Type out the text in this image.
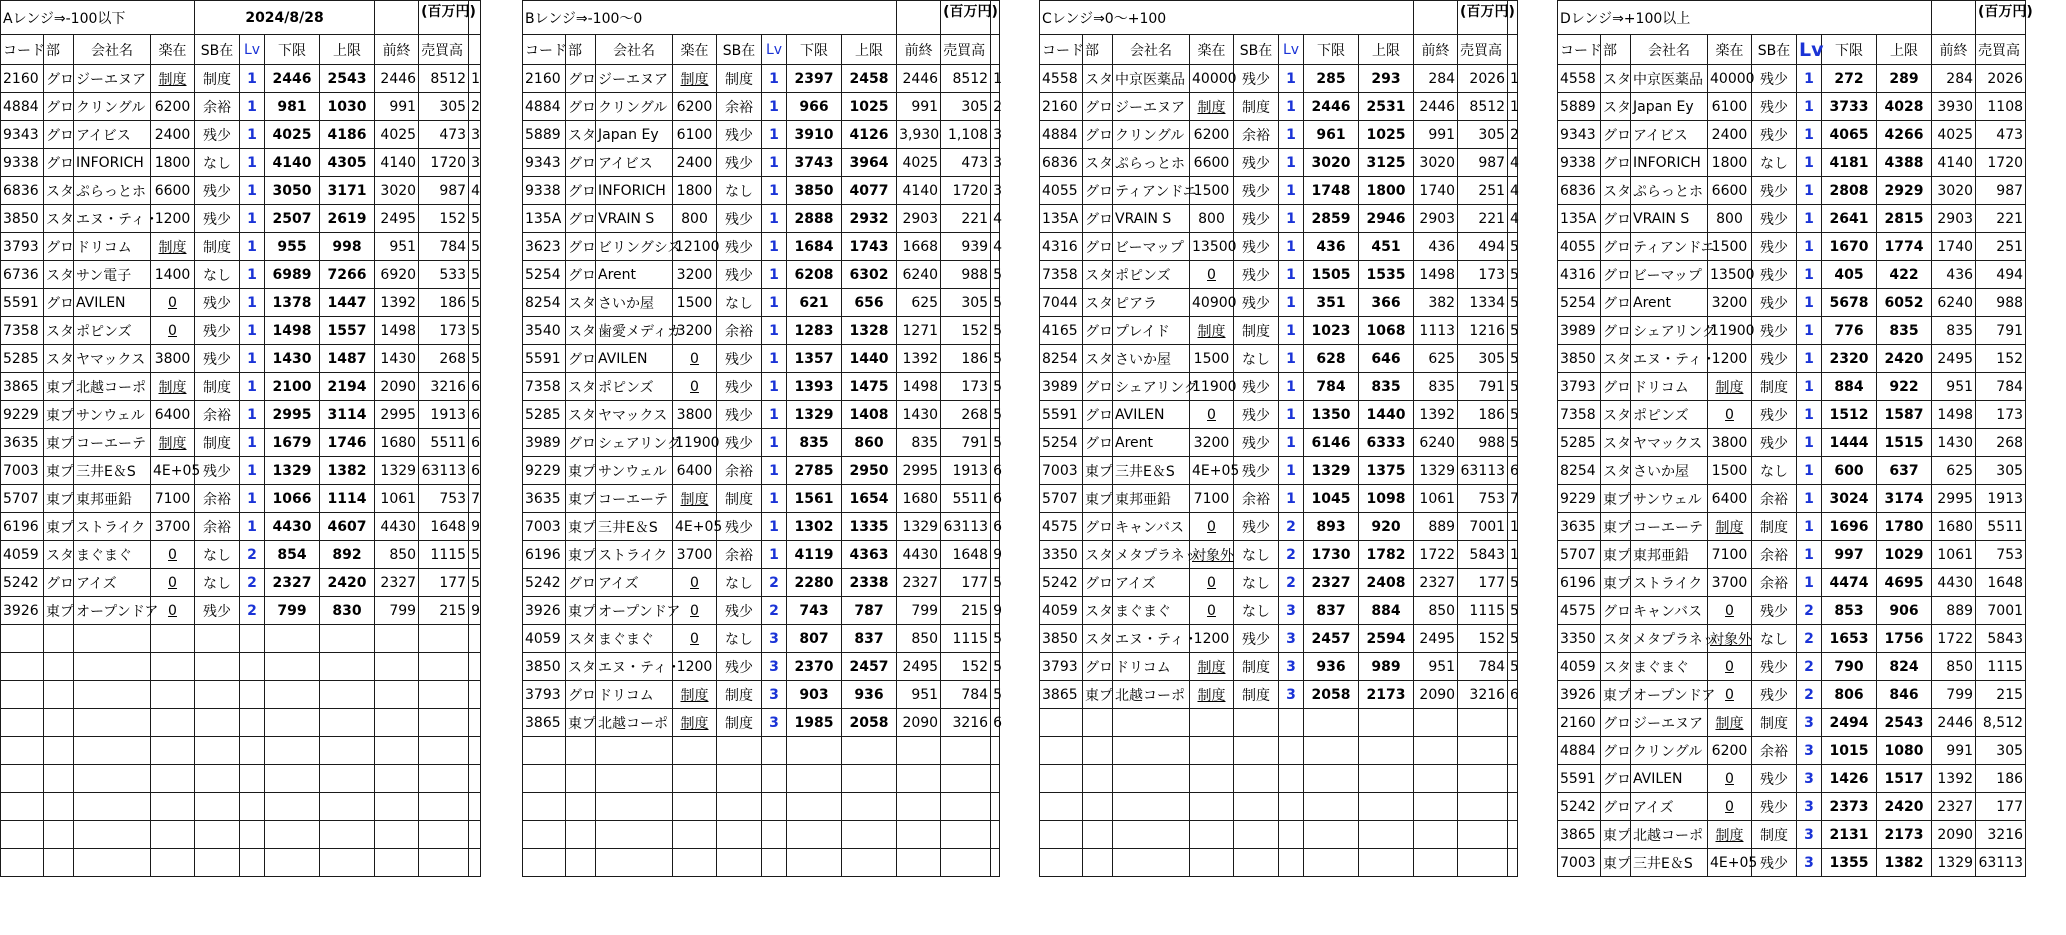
Aレンジ⇒-100以下				2024/8/28					(百万円)	
コード	部	会社名	楽在	SB在	Lv	下限	上限	前終	売買高	
2160	グロ	ジーエヌア	制度	制度	1	2446	2543	2446	8512	1
4884	グロ	クリングル	6200	余裕	1	981	1030	991	305	2
9343	グロ	アイビス	2400	残少	1	4025	4186	4025	473	3
9338	グロ	INFORICH	1800	なし	1	4140	4305	4140	1720	3
6836	スタ	ぷらっとホ	6600	残少	1	3050	3171	3020	987	4
3850	スタ	エヌ・ティ・	1200	残少	1	2507	2619	2495	152	5
3793	グロ	ドリコム	制度	制度	1	955	998	951	784	5
6736	スタ	サン電子	1400	なし	1	6989	7266	6920	533	5
5591	グロ	AVILEN	0	残少	1	1378	1447	1392	186	5
7358	スタ	ポピンズ	0	残少	1	1498	1557	1498	173	5
5285	スタ	ヤマックス	3800	残少	1	1430	1487	1430	268	5
3865	東プ	北越コーポ	制度	制度	1	2100	2194	2090	3216	6
9229	東プ	サンウェル	6400	余裕	1	2995	3114	2995	1913	6
3635	東プ	コーエーテ	制度	制度	1	1679	1746	1680	5511	6
7003	東プ	三井E＆S	4E+05	残少	1	1329	1382	1329	63113	6
5707	東プ	東邦亜鉛	7100	余裕	1	1066	1114	1061	753	7
6196	東プ	ストライク	3700	余裕	1	4430	4607	4430	1648	9
4059	スタ	まぐまぐ	0	なし	2	854	892	850	1115	5
5242	グロ	アイズ	0	なし	2	2327	2420	2327	177	5
3926	東プ	オープンドア	0	残少	2	799	830	799	215	9

Bレンジ⇒-100～0									(百万円)	
コード	部	会社名	楽在	SB在	Lv	下限	上限	前終	売買高	
2160	グロ	ジーエヌア	制度	制度	1	2397	2458	2446	8512	1
4884	グロ	クリングル	6200	余裕	1	966	1025	991	305	2
5889	スタ	Japan Ey	6100	残少	1	3910	4126	3,930	1,108	3
9343	グロ	アイビス	2400	残少	1	3743	3964	4025	473	3
9338	グロ	INFORICH	1800	なし	1	3850	4077	4140	1720	3
135A	グロ	VRAIN S	800	残少	1	2888	2932	2903	221	4
3623	グロ	ビリングシス	12100	残少	1	1684	1743	1668	939	4
5254	グロ	Arent	3200	残少	1	6208	6302	6240	988	5
8254	スタ	さいか屋	1500	なし	1	621	656	625	305	5
3540	スタ	歯愛メディカ	3200	余裕	1	1283	1328	1271	152	5
5591	グロ	AVILEN	0	残少	1	1357	1440	1392	186	5
7358	スタ	ポピンズ	0	残少	1	1393	1475	1498	173	5
5285	スタ	ヤマックス	3800	残少	1	1329	1408	1430	268	5
3989	グロ	シェアリング	11900	残少	1	835	860	835	791	5
9229	東プ	サンウェル	6400	余裕	1	2785	2950	2995	1913	6
3635	東プ	コーエーテ	制度	制度	1	1561	1654	1680	5511	6
7003	東プ	三井E＆S	4E+05	残少	1	1302	1335	1329	63113	6
6196	東プ	ストライク	3700	余裕	1	4119	4363	4430	1648	9
5242	グロ	アイズ	0	なし	2	2280	2338	2327	177	5
3926	東プ	オープンドア	0	残少	2	743	787	799	215	9
4059	スタ	まぐまぐ	0	なし	3	807	837	850	1115	5
3850	スタ	エヌ・ティ・	1200	残少	3	2370	2457	2495	152	5
3793	グロ	ドリコム	制度	制度	3	903	936	951	784	5
3865	東プ	北越コーポ	制度	制度	3	1985	2058	2090	3216	6

Cレンジ⇒0～+100									(百万円)	
コード	部	会社名	楽在	SB在	Lv	下限	上限	前終	売買高	
4558	スタ	中京医薬品	40000	残少	1	285	293	284	2026	1
2160	グロ	ジーエヌア	制度	制度	1	2446	2531	2446	8512	1
4884	グロ	クリングル	6200	余裕	1	961	1025	991	305	2
6836	スタ	ぷらっとホ	6600	残少	1	3020	3125	3020	987	4
4055	グロ	ティアンドエ	1500	残少	1	1748	1800	1740	251	4
135A	グロ	VRAIN S	800	残少	1	2859	2946	2903	221	4
4316	グロ	ビーマップ	13500	残少	1	436	451	436	494	5
7358	スタ	ポピンズ	0	残少	1	1505	1535	1498	173	5
7044	スタ	ピアラ	40900	残少	1	351	366	382	1334	5
4165	グロ	プレイド	制度	制度	1	1023	1068	1113	1216	5
8254	スタ	さいか屋	1500	なし	1	628	646	625	305	5
3989	グロ	シェアリング	11900	残少	1	784	835	835	791	5
5591	グロ	AVILEN	0	残少	1	1350	1440	1392	186	5
5254	グロ	Arent	3200	残少	1	6146	6333	6240	988	5
7003	東プ	三井E＆S	4E+05	残少	1	1329	1375	1329	63113	6
5707	東プ	東邦亜鉛	7100	余裕	1	1045	1098	1061	753	7
4575	グロ	キャンバス	0	残少	2	893	920	889	7001	1
3350	スタ	メタプラネッ	対象外	なし	2	1730	1782	1722	5843	1
5242	グロ	アイズ	0	なし	2	2327	2408	2327	177	5
4059	スタ	まぐまぐ	0	なし	3	837	884	850	1115	5
3850	スタ	エヌ・ティ・	1200	残少	3	2457	2594	2495	152	5
3793	グロ	ドリコム	制度	制度	3	936	989	951	784	5
3865	東プ	北越コーポ	制度	制度	3	2058	2173	2090	3216	6

Dレンジ⇒+100以上									(百万円)
コード	部	会社名	楽在	SB在	Lv	下限	上限	前終	売買高
4558	スタ	中京医薬品	40000	残少	1	272	289	284	2026
5889	スタ	Japan Ey	6100	残少	1	3733	4028	3930	1108
9343	グロ	アイビス	2400	残少	1	4065	4266	4025	473
9338	グロ	INFORICH	1800	なし	1	4181	4388	4140	1720
6836	スタ	ぷらっとホ	6600	残少	1	2808	2929	3020	987
135A	グロ	VRAIN S	800	残少	1	2641	2815	2903	221
4055	グロ	ティアンドエ	1500	残少	1	1670	1774	1740	251
4316	グロ	ビーマップ	13500	残少	1	405	422	436	494
5254	グロ	Arent	3200	残少	1	5678	6052	6240	988
3989	グロ	シェアリング	11900	残少	1	776	835	835	791
3850	スタ	エヌ・ティ・	1200	残少	1	2320	2420	2495	152
3793	グロ	ドリコム	制度	制度	1	884	922	951	784
7358	スタ	ポピンズ	0	残少	1	1512	1587	1498	173
5285	スタ	ヤマックス	3800	残少	1	1444	1515	1430	268
8254	スタ	さいか屋	1500	なし	1	600	637	625	305
9229	東プ	サンウェル	6400	余裕	1	3024	3174	2995	1913
3635	東プ	コーエーテ	制度	制度	1	1696	1780	1680	5511
5707	東プ	東邦亜鉛	7100	余裕	1	997	1029	1061	753
6196	東プ	ストライク	3700	余裕	1	4474	4695	4430	1648
4575	グロ	キャンバス	0	残少	2	853	906	889	7001
3350	スタ	メタプラネッ	対象外	なし	2	1653	1756	1722	5843
4059	スタ	まぐまぐ	0	残少	2	790	824	850	1115
3926	東プ	オープンドア	0	残少	2	806	846	799	215
2160	グロ	ジーエヌア	制度	制度	3	2494	2543	2446	8,512
4884	グロ	クリングル	6200	余裕	3	1015	1080	991	305
5591	グロ	AVILEN	0	残少	3	1426	1517	1392	186
5242	グロ	アイズ	0	残少	3	2373	2420	2327	177
3865	東プ	北越コーポ	制度	制度	3	2131	2173	2090	3216
7003	東プ	三井E＆S	4E+05	残少	3	1355	1382	1329	63113
